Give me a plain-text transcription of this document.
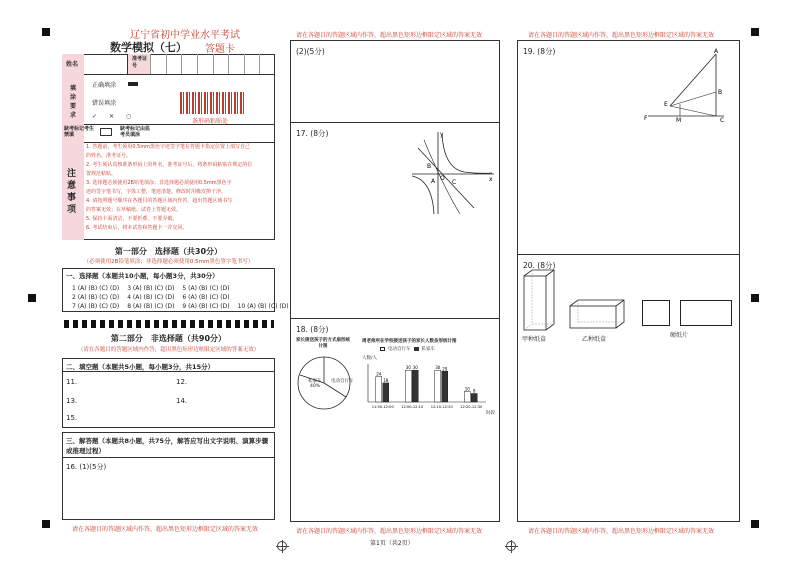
辽宁省初中学业水平考试
数学模拟（七） 答题卡
姓名
准考证号
填涂要求
正确填涂
错误填涂
✓　　✕　　○
条形码粘贴处
缺考标记考生禁填
缺考标记由监考员填涂
注意事项
1. 答题前，考生须用0.5mm黑色字迹签字笔在答题卡指定位置上填写自己
的姓名、准考证号。
2. 考生须认真核准条形码上的姓名、准考证号后，将条形码粘贴在规定的位
置规范粘贴。
3. 选择题必须使用2B铅笔填涂；非选择题必须使用0.5mm黑色字
迹的签字笔书写，字体工整，笔迹清楚。修改时用橡皮擦干净。
4. 请按照题号顺序在各题目的答题区域内作答，超出答题区域书写
的答案无效；在草稿纸、试卷上答题无效。
5. 保持卡面清洁，不要折叠，不要弄破。
6. 考试结束后，将本试卷和答题卡一并交回。
第一部分　选择题（共30分）
（必须使用2B铅笔填涂；非选择题必须使用0.5mm黑色签字笔书写）
一、选择题（本题共10小题，每小题3分，共30分）
1 (A) (B) (C) (D) 3 (A) (B) (C) (D) 5 (A) (B) (C) (D)
2 (A) (B) (C) (D) 4 (A) (B) (C) (D) 6 (A) (B) (C) (D)
7 (A) (B) (C) (D) 8 (A) (B) (C) (D) 9 (A) (B) (C) (D) 10 (A) (B) (C) (D)
第二部分　非选择题（共90分）
（请在各题目的答题区域内作答，超出黑色矩形边框限定区域的答案无效）
二、填空题（本题共5小题，每小题3分，共15分）
11.	12.
13.	14.
15.
三、解答题（本题共8小题，共75分，解答应写出文字说明、演算步骤或推理过程）
16. (1)(5分)
请在各题目的答题区域内作答，超出黑色矩形边框限定区域的答案无效
请在各题目的答题区域内作答，超出黑色矩形边框限定区域的答案无效
(2)(5分)
17. (8分)
B
O
A	C	x
y
18. (8分)
家长接送孩子的方式扇形统计图
私家车
40%
电动自行车
周老师所在学校接送孩子的家长人数条形统计图
电动自行车 私家车
人数/人
24
18
11:50-12:00
30 30
12:00-12:10
30 29
12:10-12:20
10 8
12:20-12:30
时段
请在各题目的答题区域内作答，超出黑色矩形边框限定区域的答案无效
第1页（共2页）
请在各题目的答题区域内作答，超出黑色矩形边框限定区域的答案无效
19. (8分)	A
B
C
E
F	M
20. (8分)
甲种纸盒	乙种纸盒
硬纸片
请在各题目的答题区域内作答，超出黑色矩形边框限定区域的答案无效
